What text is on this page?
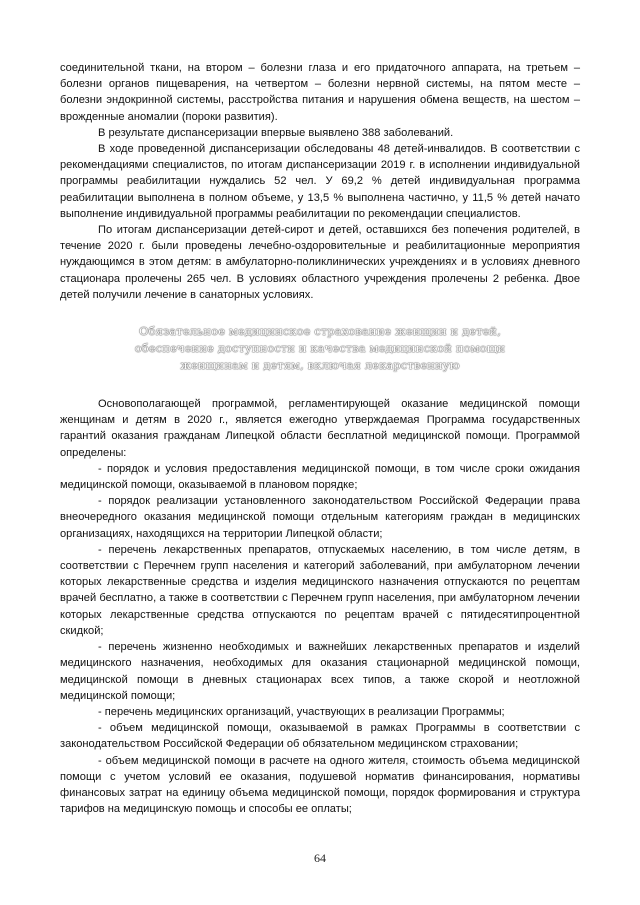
соединительной ткани, на втором – болезни глаза и его придаточного аппарата, на третьем – болезни органов пищеварения, на четвертом – болезни нервной системы, на пятом месте – болезни эндокринной системы, расстройства питания и нарушения обмена веществ, на шестом – врожденные аномалии (пороки развития).

В результате диспансеризации впервые выявлено 388 заболеваний.

В ходе проведенной диспансеризации обследованы 48 детей-инвалидов. В соответствии с рекомендациями специалистов, по итогам диспансеризации 2019 г. в исполнении индивидуальной программы реабилитации нуждались 52 чел. У 69,2 % детей индивидуальная программа реабилитации выполнена в полном объеме, у 13,5 % выполнена частично, у 11,5 % детей начато выполнение индивидуальной программы реабилитации по рекомендации специалистов.

По итогам диспансеризации детей-сирот и детей, оставшихся без попечения родителей, в течение 2020 г. были проведены лечебно-оздоровительные и реабилитационные мероприятия нуждающимся в этом детям: в амбулаторно-поликлинических учреждениях и в условиях дневного стационара пролечены 265 чел. В условиях областного учреждения пролечены 2 ребенка. Двое детей получили лечение в санаторных условиях.

Обязательное медицинское страхование женщин и детей,
обеспечение доступности и качества медицинской помощи
женщинам и детям, включая лекарственную

Основополагающей программой, регламентирующей оказание медицинской помощи женщинам и детям в 2020 г., является ежегодно утверждаемая Программа государственных гарантий оказания гражданам Липецкой области бесплатной медицинской помощи. Программой определены:

- порядок и условия предоставления медицинской помощи, в том числе сроки ожидания медицинской помощи, оказываемой в плановом порядке;

- порядок реализации установленного законодательством Российской Федерации права внеочередного оказания медицинской помощи отдельным категориям граждан в медицинских организациях, находящихся на территории Липецкой области;

- перечень лекарственных препаратов, отпускаемых населению, в том числе детям, в соответствии с Перечнем групп населения и категорий заболеваний, при амбулаторном лечении которых лекарственные средства и изделия медицинского назначения отпускаются по рецептам врачей бесплатно, а также в соответствии с Перечнем групп населения, при амбулаторном лечении которых лекарственные средства отпускаются по рецептам врачей с пятидесятипроцентной скидкой;

- перечень жизненно необходимых и важнейших лекарственных препаратов и изделий медицинского назначения, необходимых для оказания стационарной медицинской помощи, медицинской помощи в дневных стационарах всех типов, а также скорой и неотложной медицинской помощи;

- перечень медицинских организаций, участвующих в реализации Программы;

- объем медицинской помощи, оказываемой в рамках Программы в соответствии с законодательством Российской Федерации об обязательном медицинском страховании;

- объем медицинской помощи в расчете на одного жителя, стоимость объема медицинской помощи с учетом условий ее оказания, подушевой норматив финансирования, нормативы финансовых затрат на единицу объема медицинской помощи, порядок формирования и структура тарифов на медицинскую помощь и способы ее оплаты;

64
